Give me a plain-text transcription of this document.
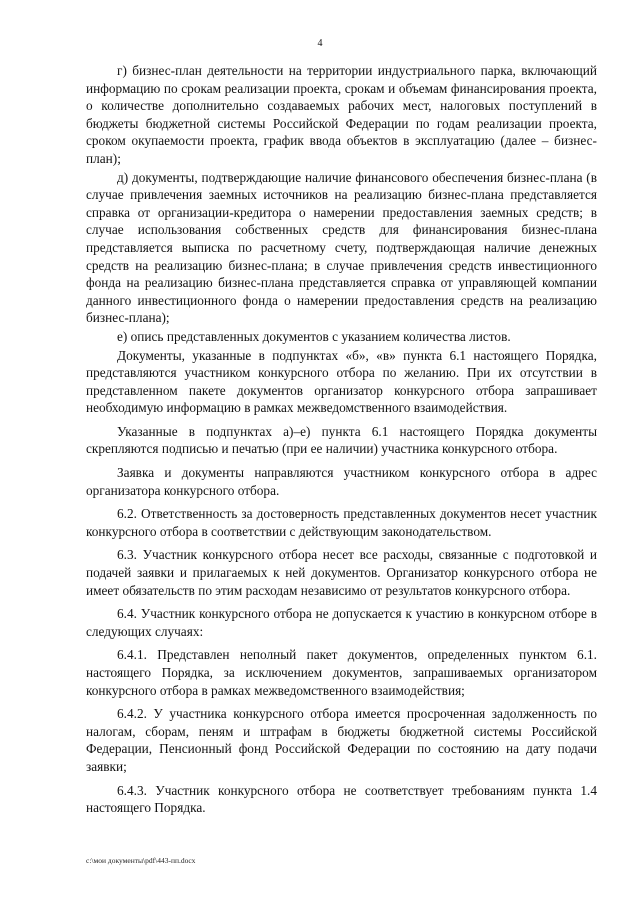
4

г) бизнес-план деятельности на территории индустриального парка, включающий информацию по срокам реализации проекта, срокам и объемам финансирования проекта, о количестве дополнительно создаваемых рабочих мест, налоговых поступлений в бюджеты бюджетной системы Российской Федерации по годам реализации проекта, сроком окупаемости проекта, график ввода объектов в эксплуатацию (далее – бизнес-план);

д) документы, подтверждающие наличие финансового обеспечения бизнес-плана (в случае привлечения заемных источников на реализацию бизнес-плана представляется справка от организации-кредитора о намерении предоставления заемных средств; в случае использования собственных средств для финансирования бизнес-плана представляется выписка по расчетному счету, подтверждающая наличие денежных средств на реализацию бизнес-плана; в случае привлечения средств инвестиционного фонда на реализацию бизнес-плана представляется справка от управляющей компании данного инвестиционного фонда о намерении предоставления средств на реализацию бизнес-плана);

е) опись представленных документов с указанием количества листов.

Документы, указанные в подпунктах «б», «в» пункта 6.1 настоящего Порядка, представляются участником конкурсного отбора по желанию. При их отсутствии в представленном пакете документов организатор конкурсного отбора запрашивает необходимую информацию в рамках межведомственного взаимодействия.

Указанные в подпунктах а)–е) пункта 6.1 настоящего Порядка документы скрепляются подписью и печатью (при ее наличии) участника конкурсного отбора.

Заявка и документы направляются участником конкурсного отбора в адрес организатора конкурсного отбора.

6.2. Ответственность за достоверность представленных документов несет участник конкурсного отбора в соответствии с действующим законодательством.

6.3. Участник конкурсного отбора несет все расходы, связанные с подготовкой и подачей заявки и прилагаемых к ней документов. Организатор конкурсного отбора не имеет обязательств по этим расходам независимо от результатов конкурсного отбора.

6.4. Участник конкурсного отбора не допускается к участию в конкурсном отборе в следующих случаях:

6.4.1. Представлен неполный пакет документов, определенных пунктом 6.1. настоящего Порядка, за исключением документов, запрашиваемых организатором конкурсного отбора в рамках межведомственного взаимодействия;

6.4.2. У участника конкурсного отбора имеется просроченная задолженность по налогам, сборам, пеням и штрафам в бюджеты бюджетной системы Российской Федерации, Пенсионный фонд Российской Федерации по состоянию на дату подачи заявки;

6.4.3. Участник конкурсного отбора не соответствует требованиям пункта 1.4 настоящего Порядка.

c:\мои документы\pdf\443-пп.docx
